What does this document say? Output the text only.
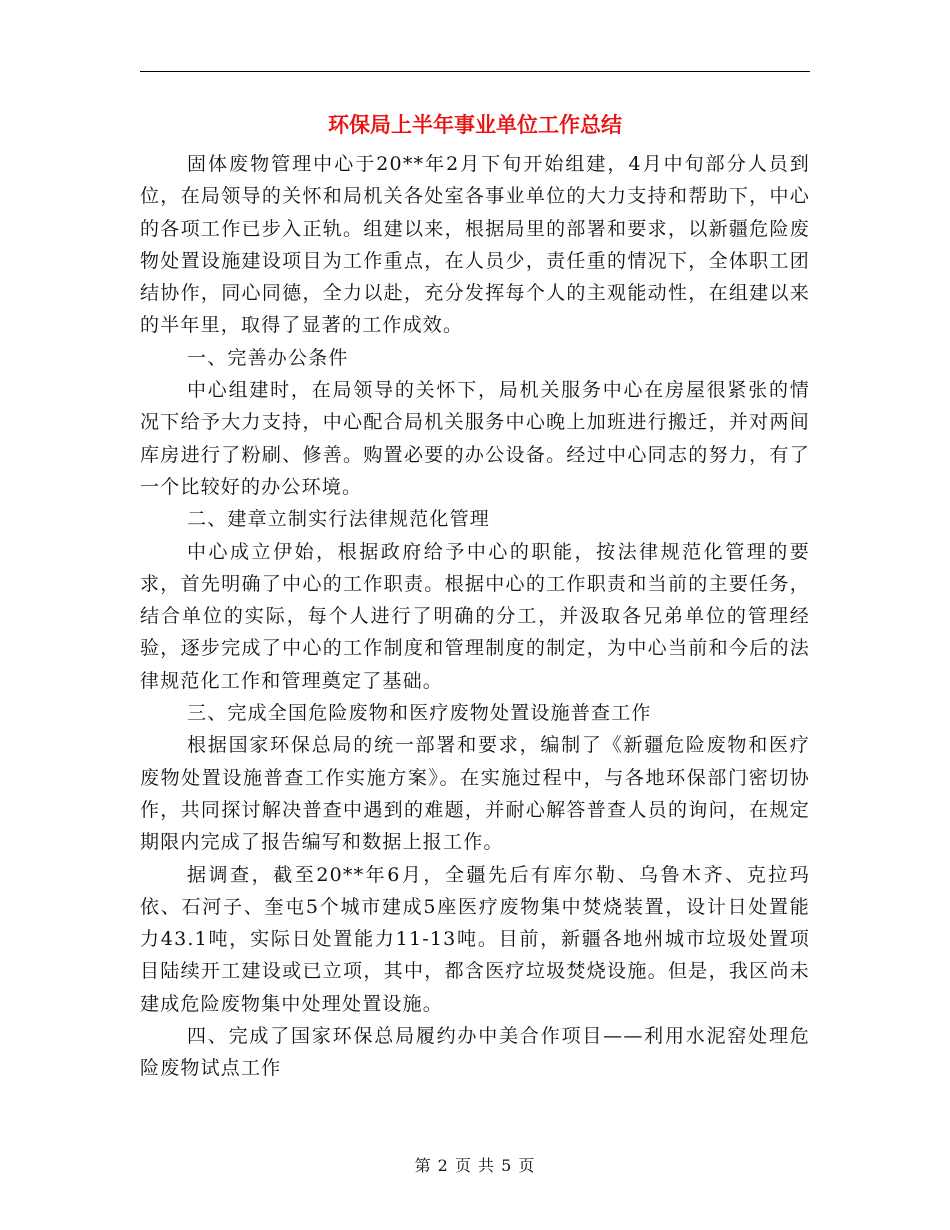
环保局上半年事业单位工作总结

固体废物管理中心于20**年2月下旬开始组建，4月中旬部分人员到位，在局领导的关怀和局机关各处室各事业单位的大力支持和帮助下，中心的各项工作已步入正轨。组建以来，根据局里的部署和要求，以新疆危险废物处置设施建设项目为工作重点，在人员少，责任重的情况下，全体职工团结协作，同心同德，全力以赴，充分发挥每个人的主观能动性，在组建以来的半年里，取得了显著的工作成效。

一、完善办公条件

中心组建时，在局领导的关怀下，局机关服务中心在房屋很紧张的情况下给予大力支持，中心配合局机关服务中心晚上加班进行搬迁，并对两间库房进行了粉刷、修善。购置必要的办公设备。经过中心同志的努力，有了一个比较好的办公环境。

二、建章立制实行法律规范化管理

中心成立伊始，根据政府给予中心的职能，按法律规范化管理的要求，首先明确了中心的工作职责。根据中心的工作职责和当前的主要任务，结合单位的实际，每个人进行了明确的分工，并汲取各兄弟单位的管理经验，逐步完成了中心的工作制度和管理制度的制定，为中心当前和今后的法律规范化工作和管理奠定了基础。

三、完成全国危险废物和医疗废物处置设施普查工作

根据国家环保总局的统一部署和要求，编制了《新疆危险废物和医疗废物处置设施普查工作实施方案》。在实施过程中，与各地环保部门密切协作，共同探讨解决普查中遇到的难题，并耐心解答普查人员的询问，在规定期限内完成了报告编写和数据上报工作。

据调查，截至20**年6月，全疆先后有库尔勒、乌鲁木齐、克拉玛依、石河子、奎屯5个城市建成5座医疗废物集中焚烧装置，设计日处置能力43.1吨，实际日处置能力11-13吨。目前，新疆各地州城市垃圾处置项目陆续开工建设或已立项，其中，都含医疗垃圾焚烧设施。但是，我区尚未建成危险废物集中处理处置设施。

四、完成了国家环保总局履约办中美合作项目——利用水泥窑处理危险废物试点工作

第 2 页 共 5 页
